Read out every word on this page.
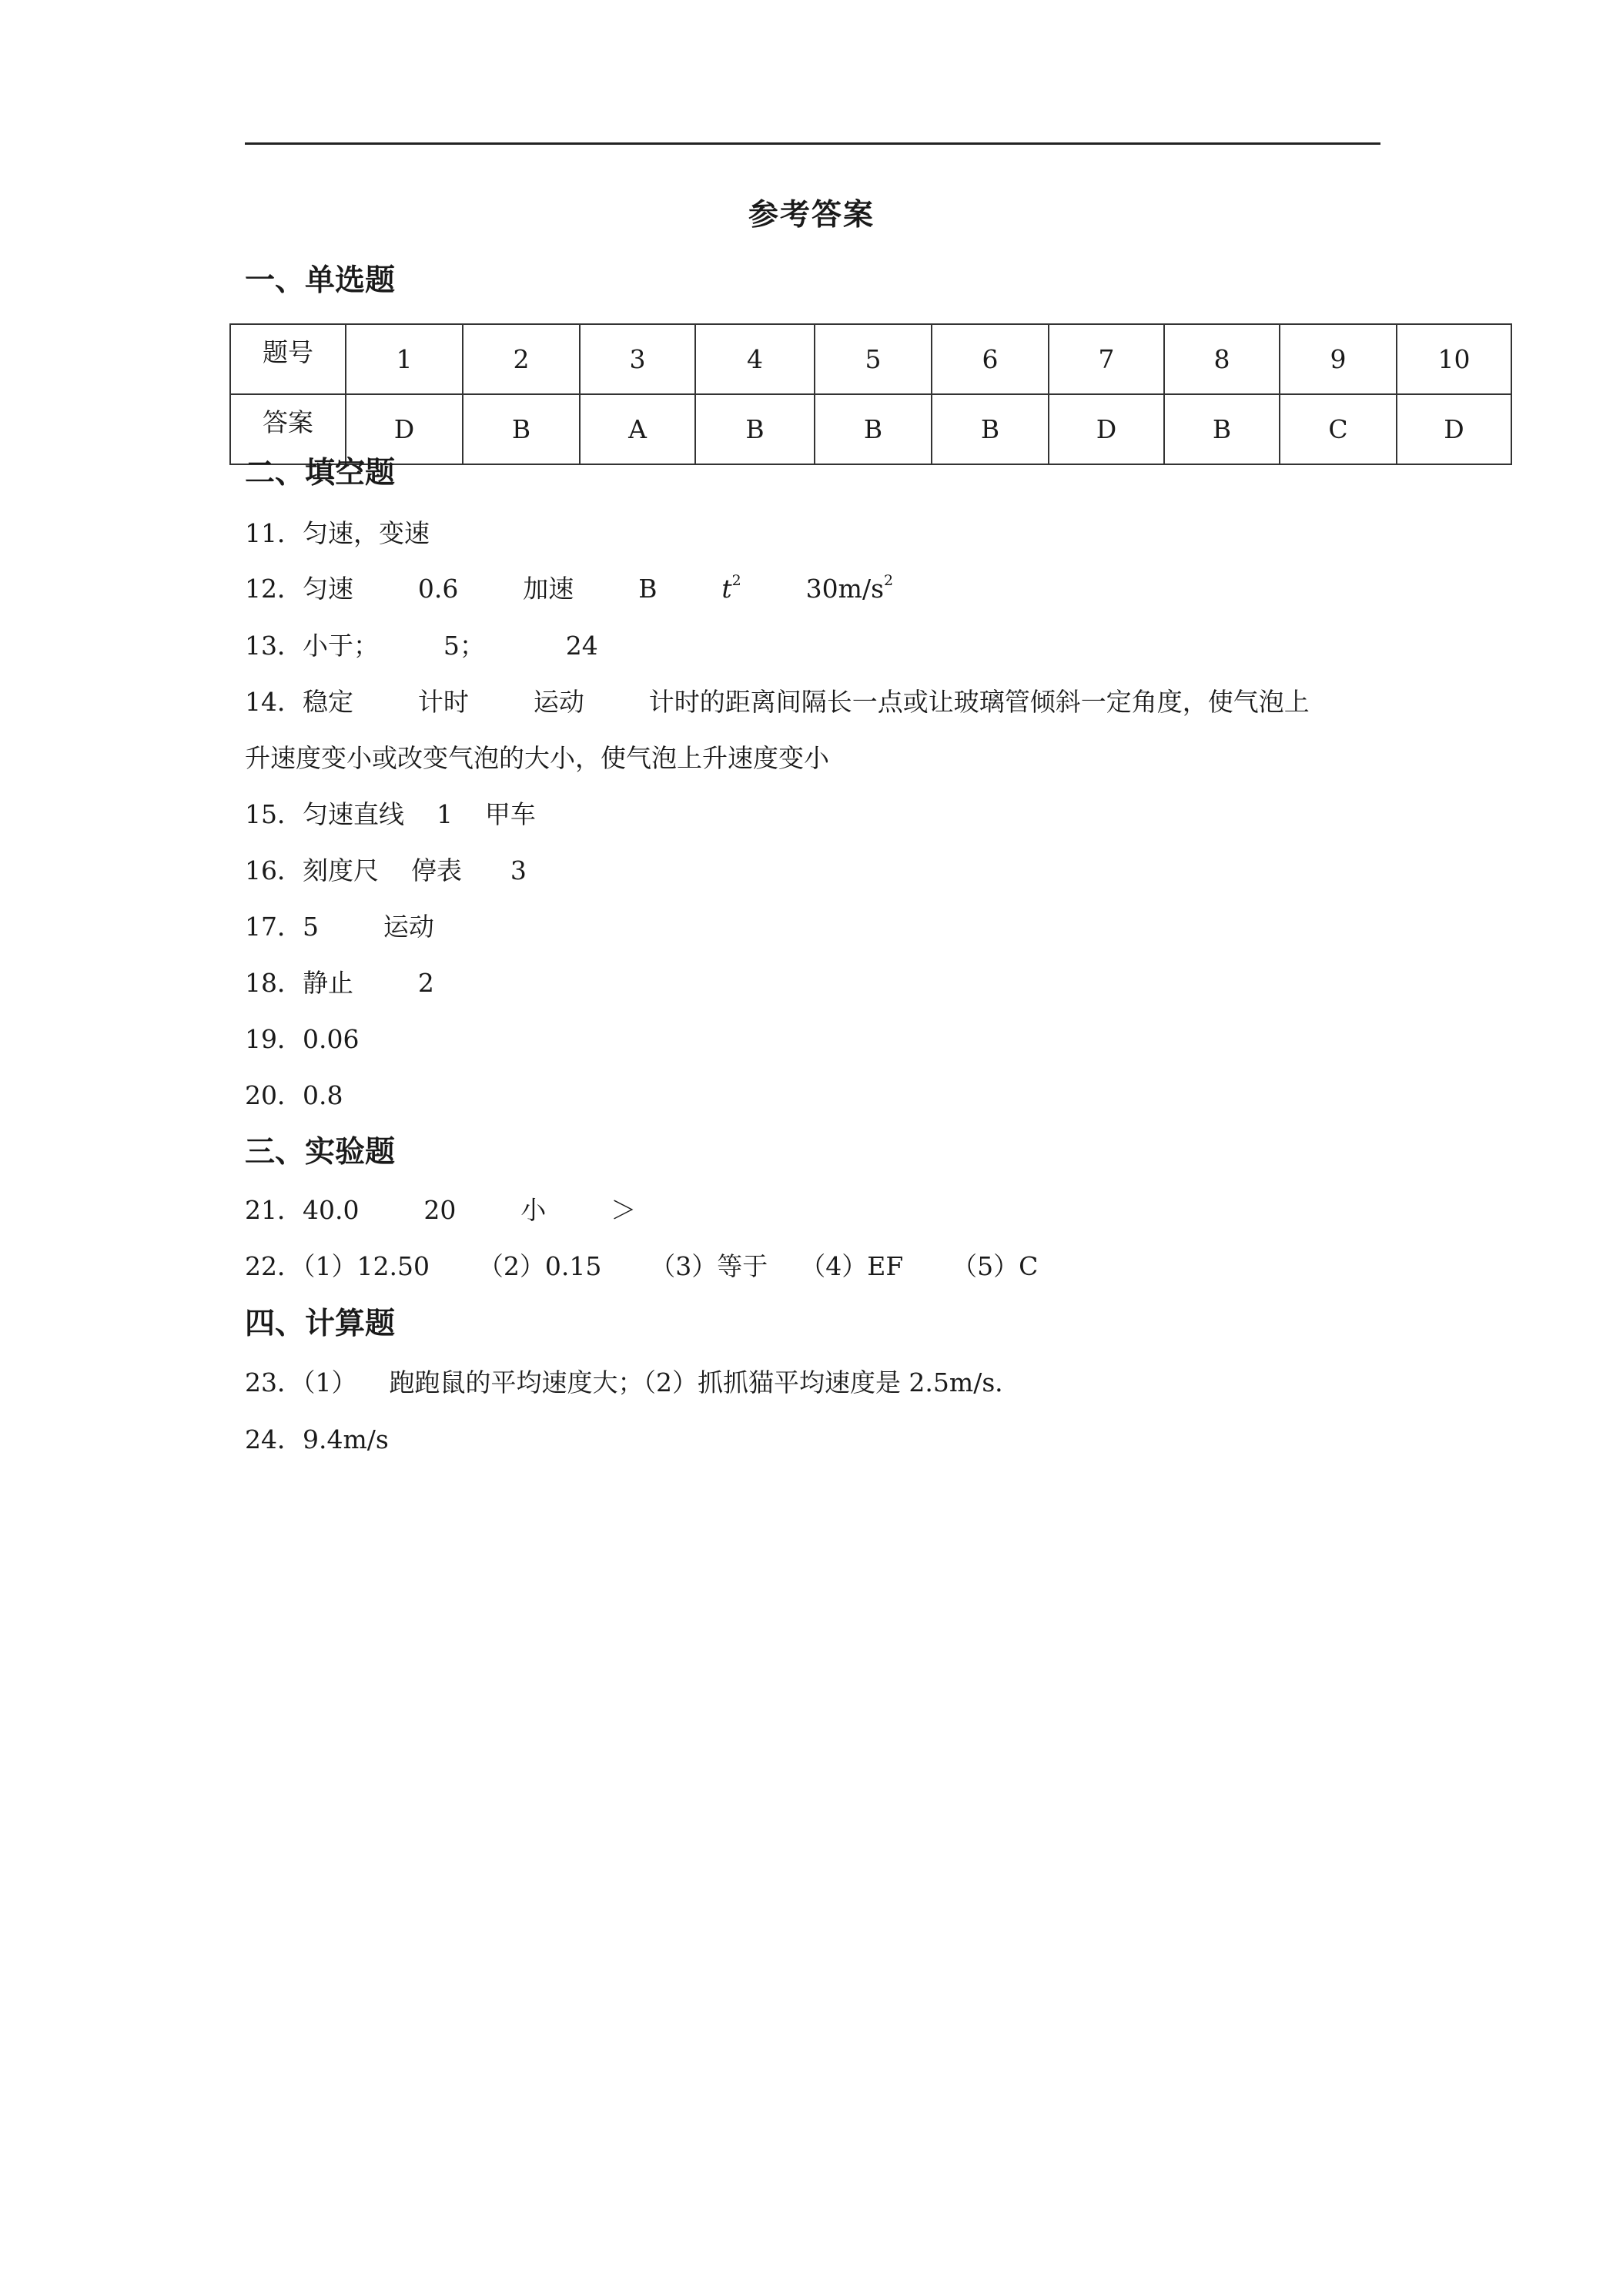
参考答案
一、单选题
题号	1	2	3	4	5	6	7	8	9	10
答案	D	B	A	B	B	B	D	B	C	D
二、填空题
11．匀速，变速
12．匀速        0.6        加速        B        $t^2$        $30m/s^2$
13．小于；        5；          24
14．稳定        计时        运动        计时的距离间隔长一点或让玻璃管倾斜一定角度，使气泡上
升速度变小或改变气泡的大小，使气泡上升速度变小
15．匀速直线    1    甲车
16．刻度尺    停表      3
17．5        运动
18．静止        2
19．0.06
20．0.8
三、实验题
21．40.0        20        小        ＞
22．（1）12.50      （2）0.15      （3）等于    （4）EF      （5）C
四、计算题
23．（1）    跑跑鼠的平均速度大；（2）抓抓猫平均速度是 2.5m/s．
24．9.4m/s
